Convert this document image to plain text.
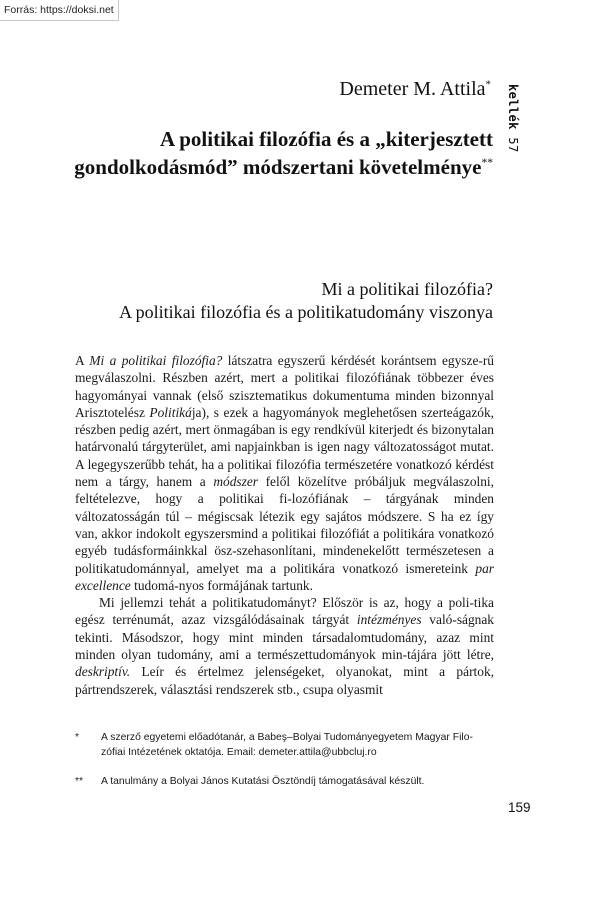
Forrás: https://doksi.net
kellék 57
Demeter M. Attila*
A politikai filozófia és a „kiterjesztett
gondolkodásmód” módszertani követelménye**
Mi a politikai filozófia?
A politikai filozófia és a politikatudomány viszonya

A Mi a politikai filozófia? látszatra egyszerű kérdését korántsem egysze-rű megválaszolni. Részben azért, mert a politikai filozófiának többezer éves hagyományai vannak (első szisztematikus dokumentuma minden bizonnyal Arisztotelész Politikája), s ezek a hagyományok meglehetősen szerteágazók, részben pedig azért, mert önmagában is egy rendkívül kiterjedt és bizonytalan határvonalú tárgyterület, ami napjainkban is igen nagy változatosságot mutat. A legegyszerűbb tehát, ha a politikai filozófia természetére vonatkozó kérdést nem a tárgy, hanem a módszer felől közelítve próbáljuk megválaszolni, feltételezve, hogy a politikai fi-lozófiának – tárgyának minden változatosságán túl – mégiscsak létezik egy sajátos módszere. S ha ez így van, akkor indokolt egyszersmind a politikai filozófiát a politikára vonatkozó egyéb tudásformáinkkal ösz-szehasonlítani, mindenekelőtt természetesen a politikatudománnyal, amelyet ma a politikára vonatkozó ismereteink par excellence tudomá-nyos formájának tartunk.

Mi jellemzi tehát a politikatudományt? Először is az, hogy a poli-tika egész terrénumát, azaz vizsgálódásainak tárgyát intézményes való-ságnak tekinti. Másodszor, hogy mint minden társadalomtudomány, azaz mint minden olyan tudomány, ami a természettudományok min-tájára jött létre, deskriptív. Leír és értelmez jelenségeket, olyanokat, mint a pártok, pártrendszerek, választási rendszerek stb., csupa olyasmit

*	A szerző egyetemi előadótanár, a Babeş–Bolyai Tudományegyetem Magyar Filo-zófiai Intézetének oktatója. Email: demeter.attila@ubbcluj.ro
**	A tanulmány a Bolyai János Kutatási Ösztöndíj támogatásával készült.
159
